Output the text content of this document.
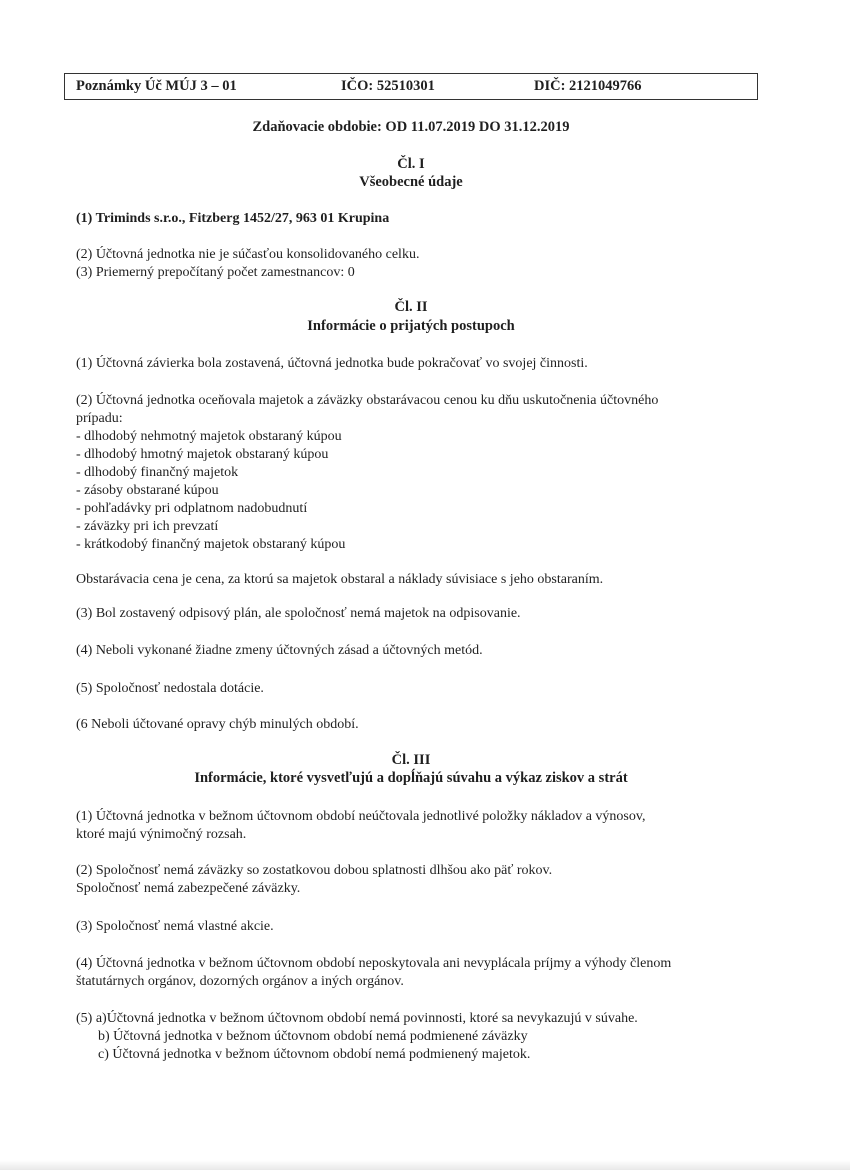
Poznámky Úč MÚJ 3 – 01	IČO: 52510301	DIČ: 2121049766
Zdaňovacie obdobie: OD 11.07.2019 DO 31.12.2019
Čl. I
Všeobecné údaje
(1) Triminds s.r.o., Fitzberg 1452/27, 963 01 Krupina
(2) Účtovná jednotka nie je súčasťou konsolidovaného celku.
(3) Priemerný prepočítaný počet zamestnancov: 0
Čl. II
Informácie o prijatých postupoch
(1) Účtovná závierka bola zostavená, účtovná jednotka bude pokračovať vo svojej činnosti.
(2) Účtovná jednotka oceňovala majetok a záväzky obstarávacou cenou ku dňu uskutočnenia účtovného
prípadu:
- dlhodobý nehmotný majetok obstaraný kúpou
- dlhodobý hmotný majetok obstaraný kúpou
- dlhodobý finančný majetok
- zásoby obstarané kúpou
- pohľadávky pri odplatnom nadobudnutí
- záväzky pri ich prevzatí
- krátkodobý finančný majetok obstaraný kúpou
Obstarávacia cena je cena, za ktorú sa majetok obstaral a náklady súvisiace s jeho obstaraním.
(3) Bol zostavený odpisový plán, ale spoločnosť nemá majetok na odpisovanie.
(4) Neboli vykonané žiadne zmeny účtovných zásad a účtovných metód.
(5) Spoločnosť nedostala dotácie.
(6 Neboli účtované opravy chýb minulých období.
Čl. III
Informácie, ktoré vysvetľujú a dopĺňajú súvahu a výkaz ziskov a strát
(1) Účtovná jednotka v bežnom účtovnom období neúčtovala jednotlivé položky nákladov a výnosov,
ktoré majú výnimočný rozsah.
(2) Spoločnosť nemá záväzky so zostatkovou dobou splatnosti dlhšou ako päť rokov.
Spoločnosť nemá zabezpečené záväzky.
(3) Spoločnosť nemá vlastné akcie.
(4) Účtovná jednotka v bežnom účtovnom období neposkytovala ani nevyplácala príjmy a výhody členom
štatutárnych orgánov, dozorných orgánov a iných orgánov.
(5) a)Účtovná jednotka v bežnom účtovnom období nemá povinnosti, ktoré sa nevykazujú v súvahe.
b) Účtovná jednotka v bežnom účtovnom období nemá podmienené záväzky
c) Účtovná jednotka v bežnom účtovnom období nemá podmienený majetok.
